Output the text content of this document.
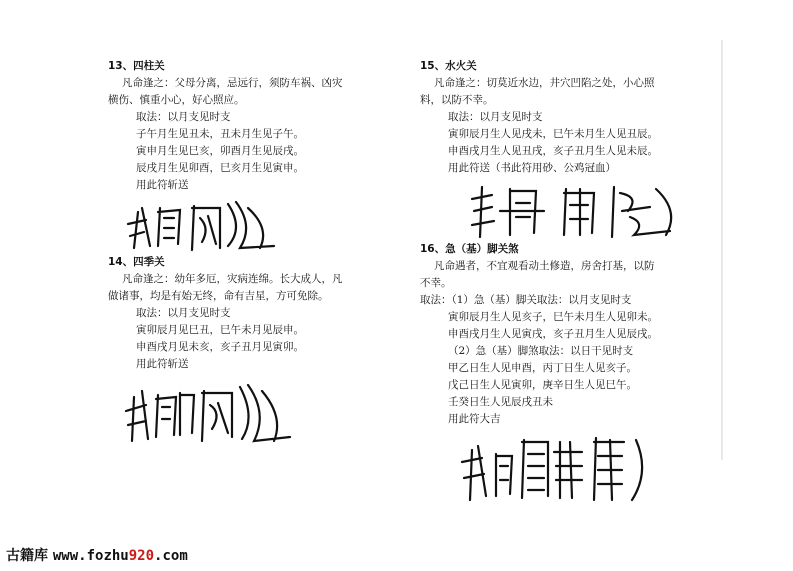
13、四柱关
凡命逢之：父母分离，忌远行，须防车祸、凶灾
横伤、慎重小心，好心照应。
取法：以月支见时支
子午月生见丑未，丑未月生见子午。
寅申月生见巳亥，卯酉月生见辰戌。
辰戌月生见卯酉，巳亥月生见寅申。
用此符斩送
14、四季关
凡命逢之：幼年多厄，灾病连绵。长大成人，凡
做诸事，均是有始无终，命有吉星，方可免除。
取法：以月支见时支
寅卯辰月见巳丑，巳午未月见辰申。
申酉戌月见未亥，亥子丑月见寅卯。
用此符斩送
15、水火关
凡命逢之：切莫近水边，井穴凹陷之处，小心照
料，以防不幸。
取法：以月支见时支
寅卯辰月生人见戌未，巳午未月生人见丑辰。
申酉戌月生人见丑戌，亥子丑月生人见未辰。
用此符送（书此符用砂、公鸡冠血）
16、急（基）脚关煞
凡命遇者，不宜观看动土修造，房舍打基，以防
不幸。
取法：（1）急（基）脚关取法：以月支见时支
寅卯辰月生人见亥子，巳午未月生人见卯未。
申酉戌月生人见寅戌，亥子丑月生人见辰戌。
（2）急（基）脚煞取法：以日干见时支
甲乙日生人见申酉，丙丁日生人见亥子。
戊己日生人见寅卯，庚辛日生人见巳午。
壬癸日生人见辰戌丑未
用此符大吉
古籍库 www.fozhu920.com
